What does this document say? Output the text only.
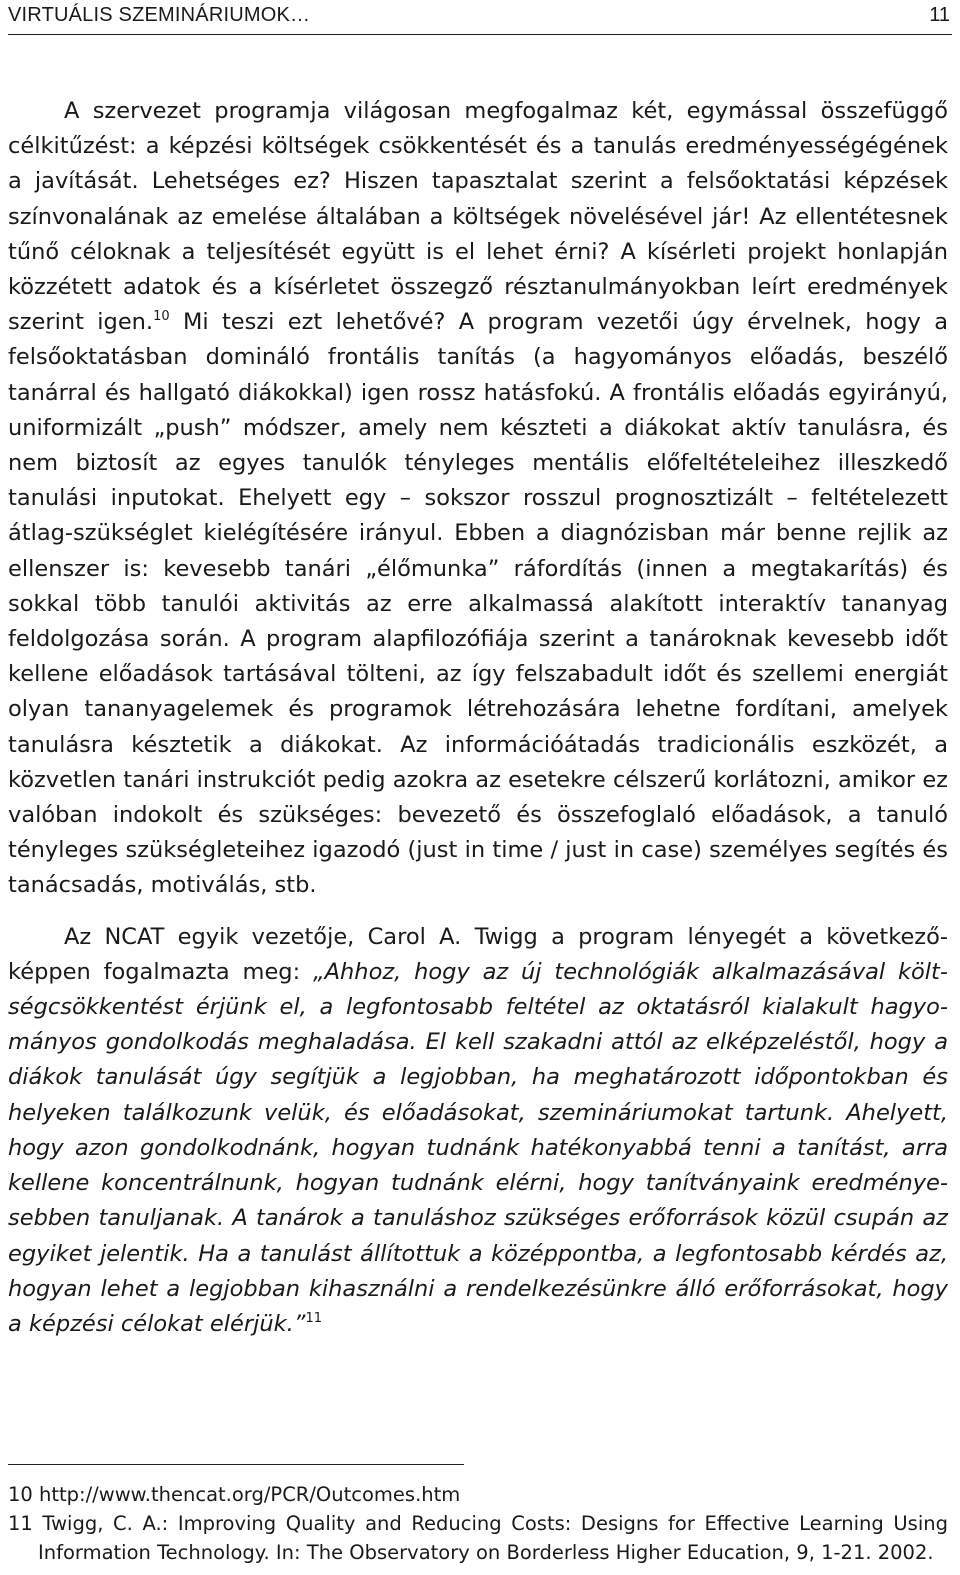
VIRTUÁLIS SZEMINÁRIUMOK…	11

A szervezet programja világosan megfogalmaz két, egymással összefüggő célkitűzést: a képzési költségek csökkentését és a tanulás eredményességégének a javítását. Lehetséges ez? Hiszen tapasztalat szerint a felsőoktatási képzések színvonalának az emelése általában a költségek növelésével jár! Az ellentétesnek tűnő céloknak a teljesítését együtt is el lehet érni? A kísérleti projekt honlapján közzétett adatok és a kísérletet összegző résztanulmányokban leírt eredmények szerint igen.$^{10}$ Mi teszi ezt lehetővé? A program vezetői úgy érvelnek, hogy a felsőoktatásban domináló frontális tanítás (a hagyományos előadás, beszélő tanárral és hallgató diákokkal) igen rossz hatásfokú. A frontális előadás egyirányú, uniformizált „push” módszer, amely nem készteti a diákokat aktív tanulásra, és nem biztosít az egyes tanulók tényleges mentális előfeltételeihez illeszkedő tanulási inputokat. Ehelyett egy – sokszor rosszul prognosztizált – feltételezett átlag-szükséglet kielégítésére irányul. Ebben a diagnózisban már benne rejlik az ellenszer is: kevesebb tanári „élőmunka” ráfordítás (innen a megtakarítás) és sokkal több tanulói aktivitás az erre alkalmassá alakított interaktív tananyag feldolgozása során. A program alapfilozófiája szerint a tanároknak kevesebb időt kellene előadások tartásával tölteni, az így felszabadult időt és szellemi energiát olyan tananyagelemek és programok létrehozására lehetne fordítani, amelyek tanulásra késztetik a diákokat. Az információátadás tradicionális eszközét, a közvetlen tanári instrukciót pedig azokra az esetekre célszerű korlátozni, amikor ez valóban indokolt és szükséges: bevezető és összefoglaló előadások, a tanuló tényleges szükségleteihez igazodó (just in time / just in case) személyes segítés és tanácsadás, motiválás, stb.

Az NCAT egyik vezetője, Carol A. Twigg a program lényegét a következőképpen fogalmazta meg: „Ahhoz, hogy az új technológiák alkalmazásával költségcsökkentést érjünk el, a legfontosabb feltétel az oktatásról kialakult hagyományos gondolkodás meghaladása. El kell szakadni attól az elképzeléstől, hogy a diákok tanulását úgy segítjük a legjobban, ha meghatározott időpontokban és helyeken találkozunk velük, és előadásokat, szemináriumokat tartunk. Ahelyett, hogy azon gondolkodnánk, hogyan tudnánk hatékonyabbá tenni a tanítást, arra kellene koncentrálnunk, hogyan tudnánk elérni, hogy tanítványaink eredményesebben tanuljanak. A tanárok a tanuláshoz szükséges erőforrások közül csupán az egyiket jelentik. Ha a tanulást állítottuk a középpontba, a legfontosabb kérdés az, hogyan lehet a legjobban kihasználni a rendelkezésünkre álló erőforrásokat, hogy a képzési célokat elérjük.”$^{11}$

10 http://www.thencat.org/PCR/Outcomes.htm
11 Twigg, C. A.: Improving Quality and Reducing Costs: Designs for Effective Learning Using Information Technology. In: The Observatory on Borderless Higher Education, 9, 1-21. 2002.
